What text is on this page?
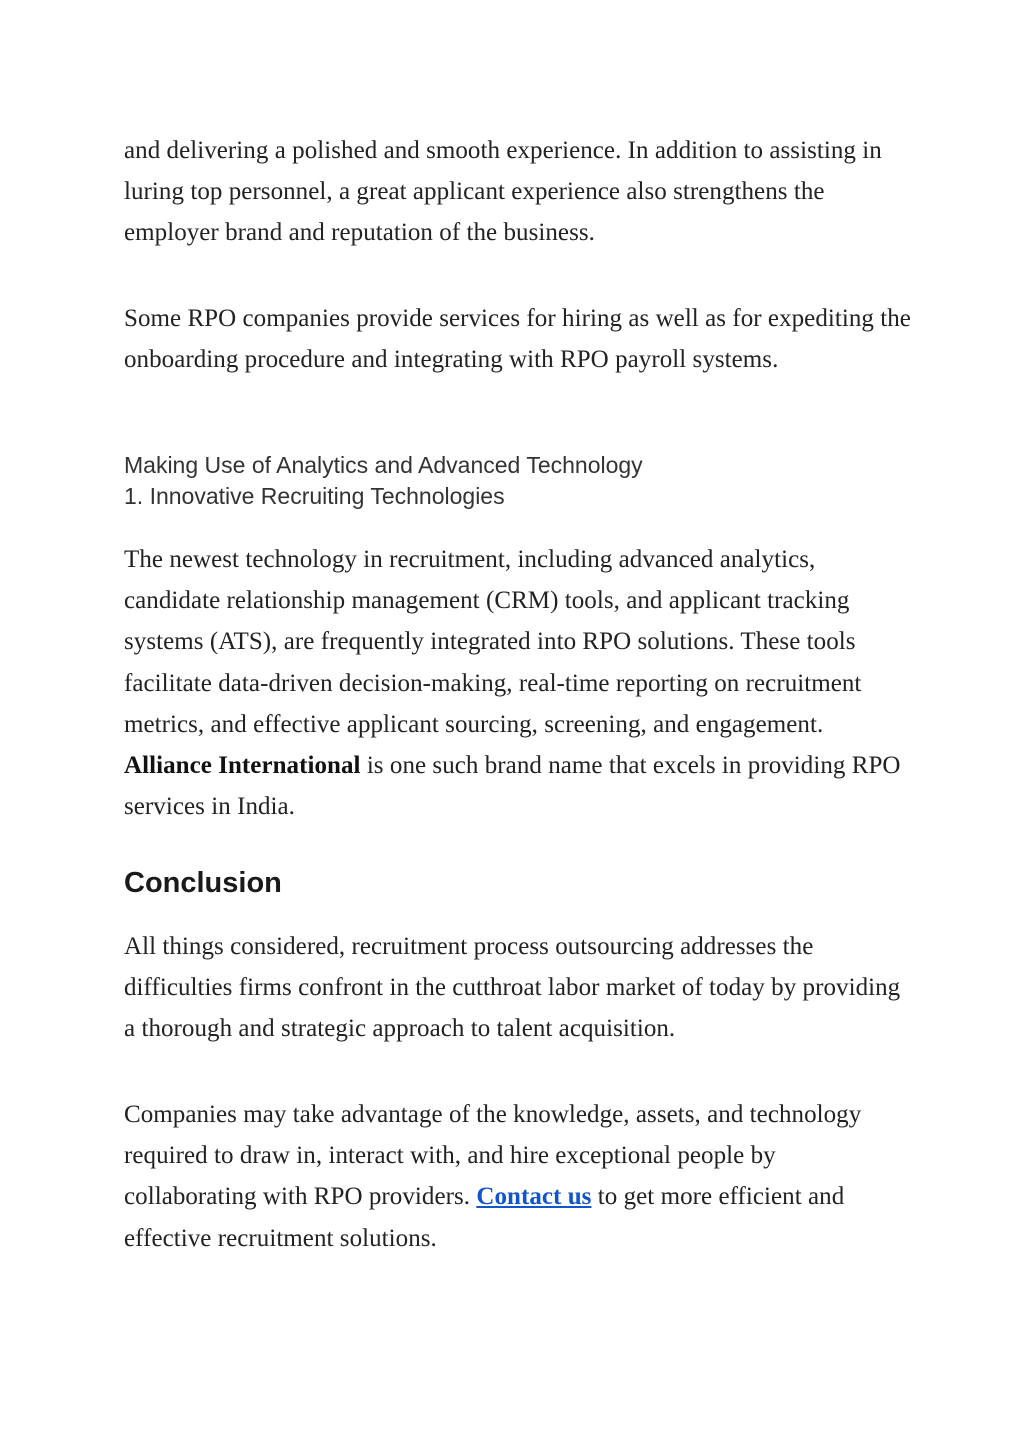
and delivering a polished and smooth experience. In addition to assisting in luring top personnel, a great applicant experience also strengthens the employer brand and reputation of the business.

Some RPO companies provide services for hiring as well as for expediting the onboarding procedure and integrating with RPO payroll systems.

Making Use of Analytics and Advanced Technology

1. Innovative Recruiting Technologies

The newest technology in recruitment, including advanced analytics, candidate relationship management (CRM) tools, and applicant tracking systems (ATS), are frequently integrated into RPO solutions. These tools facilitate data-driven decision-making, real-time reporting on recruitment metrics, and effective applicant sourcing, screening, and engagement. Alliance International is one such brand name that excels in providing RPO services in India.

Conclusion

All things considered, recruitment process outsourcing addresses the difficulties firms confront in the cutthroat labor market of today by providing a thorough and strategic approach to talent acquisition.

Companies may take advantage of the knowledge, assets, and technology required to draw in, interact with, and hire exceptional people by collaborating with RPO providers. Contact us to get more efficient and effective recruitment solutions.
